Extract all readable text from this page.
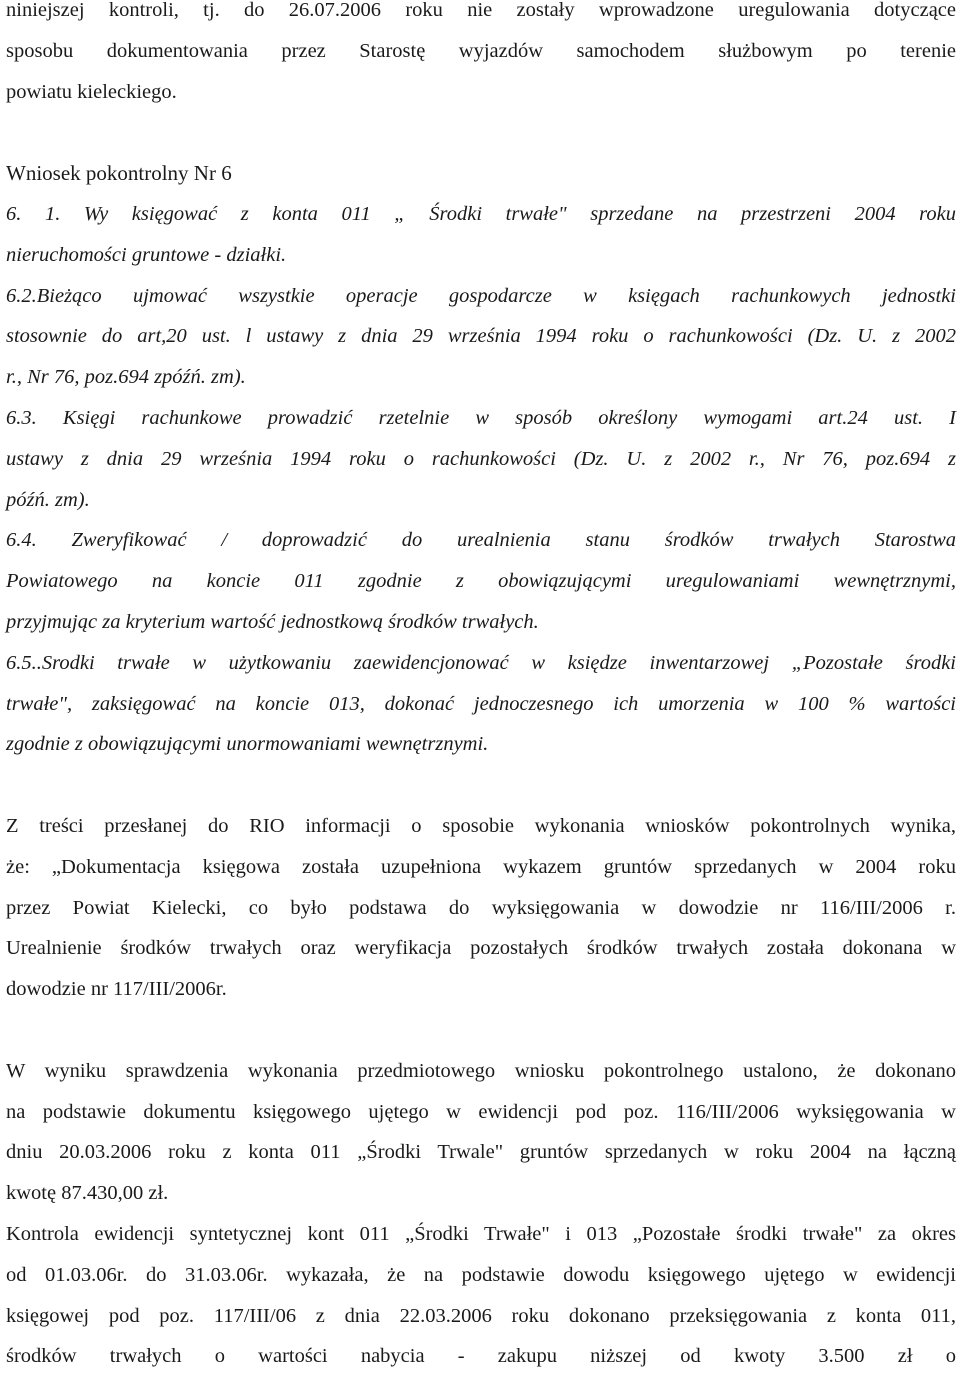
niniejszej kontroli, tj. do 26.07.2006 roku nie zostały wprowadzone uregulowania dotyczące
sposobu dokumentowania przez Starostę wyjazdów samochodem służbowym po terenie
powiatu kieleckiego.
Wniosek pokontrolny Nr 6
6. 1. Wy księgować z konta 011 „ Środki trwałe" sprzedane na przestrzeni 2004 roku
nieruchomości gruntowe - działki.
6.2.Bieżąco ujmować wszystkie operacje gospodarcze w księgach rachunkowych jednostki
stosownie do art,20 ust. l ustawy z dnia 29 września 1994 roku o rachunkowości (Dz. U. z 2002
r., Nr 76, poz.694 zpóźń. zm).
6.3. Księgi rachunkowe prowadzić rzetelnie w sposób określony wymogami art.24 ust. I
ustawy z dnia 29 września 1994 roku o rachunkowości (Dz. U. z 2002 r., Nr 76, poz.694 z
późń. zm).
6.4. Zweryfikować / doprowadzić do urealnienia stanu środków trwałych Starostwa
Powiatowego na koncie 011 zgodnie z obowiązującymi uregulowaniami wewnętrznymi,
przyjmując za kryterium wartość jednostkową środków trwałych.
6.5..Srodki trwałe w użytkowaniu zaewidencjonować w księdze inwentarzowej „Pozostałe środki
trwałe", zaksięgować na koncie 013, dokonać jednoczesnego ich umorzenia w 100 % wartości
zgodnie z obowiązującymi unormowaniami wewnętrznymi.
Z treści przesłanej do RIO informacji o sposobie wykonania wniosków pokontrolnych wynika,
że: „Dokumentacja księgowa została uzupełniona wykazem gruntów sprzedanych w 2004 roku
przez Powiat Kielecki, co było podstawa do wyksięgowania w dowodzie nr 116/III/2006 r.
Urealnienie środków trwałych oraz weryfikacja pozostałych środków trwałych została dokonana w
dowodzie nr 117/III/2006r.
W wyniku sprawdzenia wykonania przedmiotowego wniosku pokontrolnego ustalono, że dokonano
na podstawie dokumentu księgowego ujętego w ewidencji pod poz. 116/III/2006 wyksięgowania w
dniu 20.03.2006 roku z konta 011 „Środki Trwale" gruntów sprzedanych w roku 2004 na łączną
kwotę 87.430,00 zł.
Kontrola ewidencji syntetycznej kont 011 „Środki Trwałe" i 013 „Pozostałe środki trwałe" za okres
od 01.03.06r. do 31.03.06r. wykazała, że na podstawie dowodu księgowego ujętego w ewidencji
księgowej pod poz. 117/III/06 z dnia 22.03.2006 roku dokonano przeksięgowania z konta 011,
środków trwałych o wartości nabycia - zakupu niższej od kwoty 3.500 zł o
